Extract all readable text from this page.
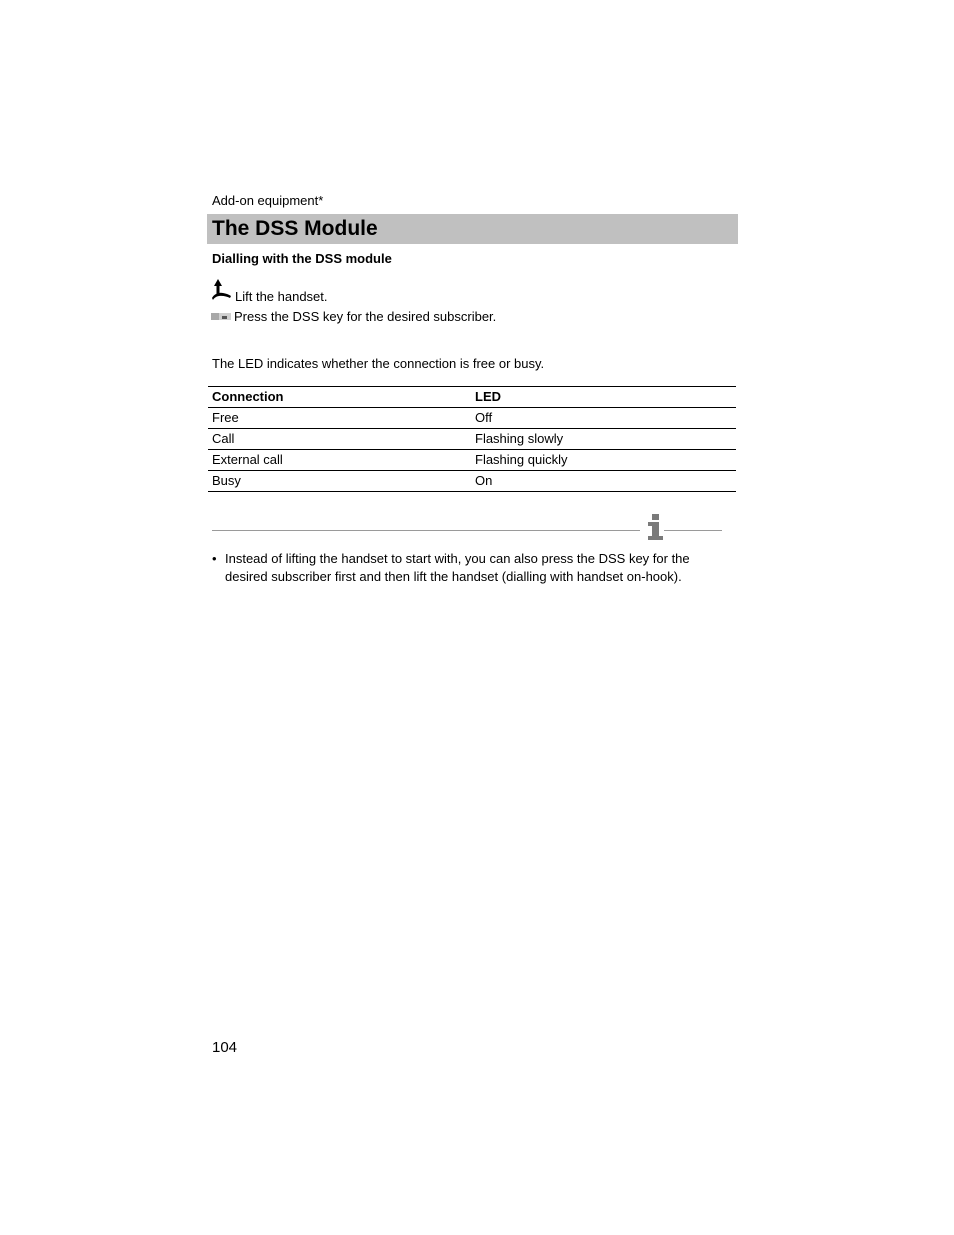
Add-on equipment*
The DSS Module
Dialling with the DSS module
Lift the handset.
Press the DSS key for the desired subscriber.
The LED indicates whether the connection is free or busy.
Connection	LED
Free	Off
Call	Flashing slowly
External call	Flashing quickly
Busy	On
• Instead of lifting the handset to start with, you can also press the DSS key for the desired subscriber first and then lift the handset (dialling with handset on-hook).
104
